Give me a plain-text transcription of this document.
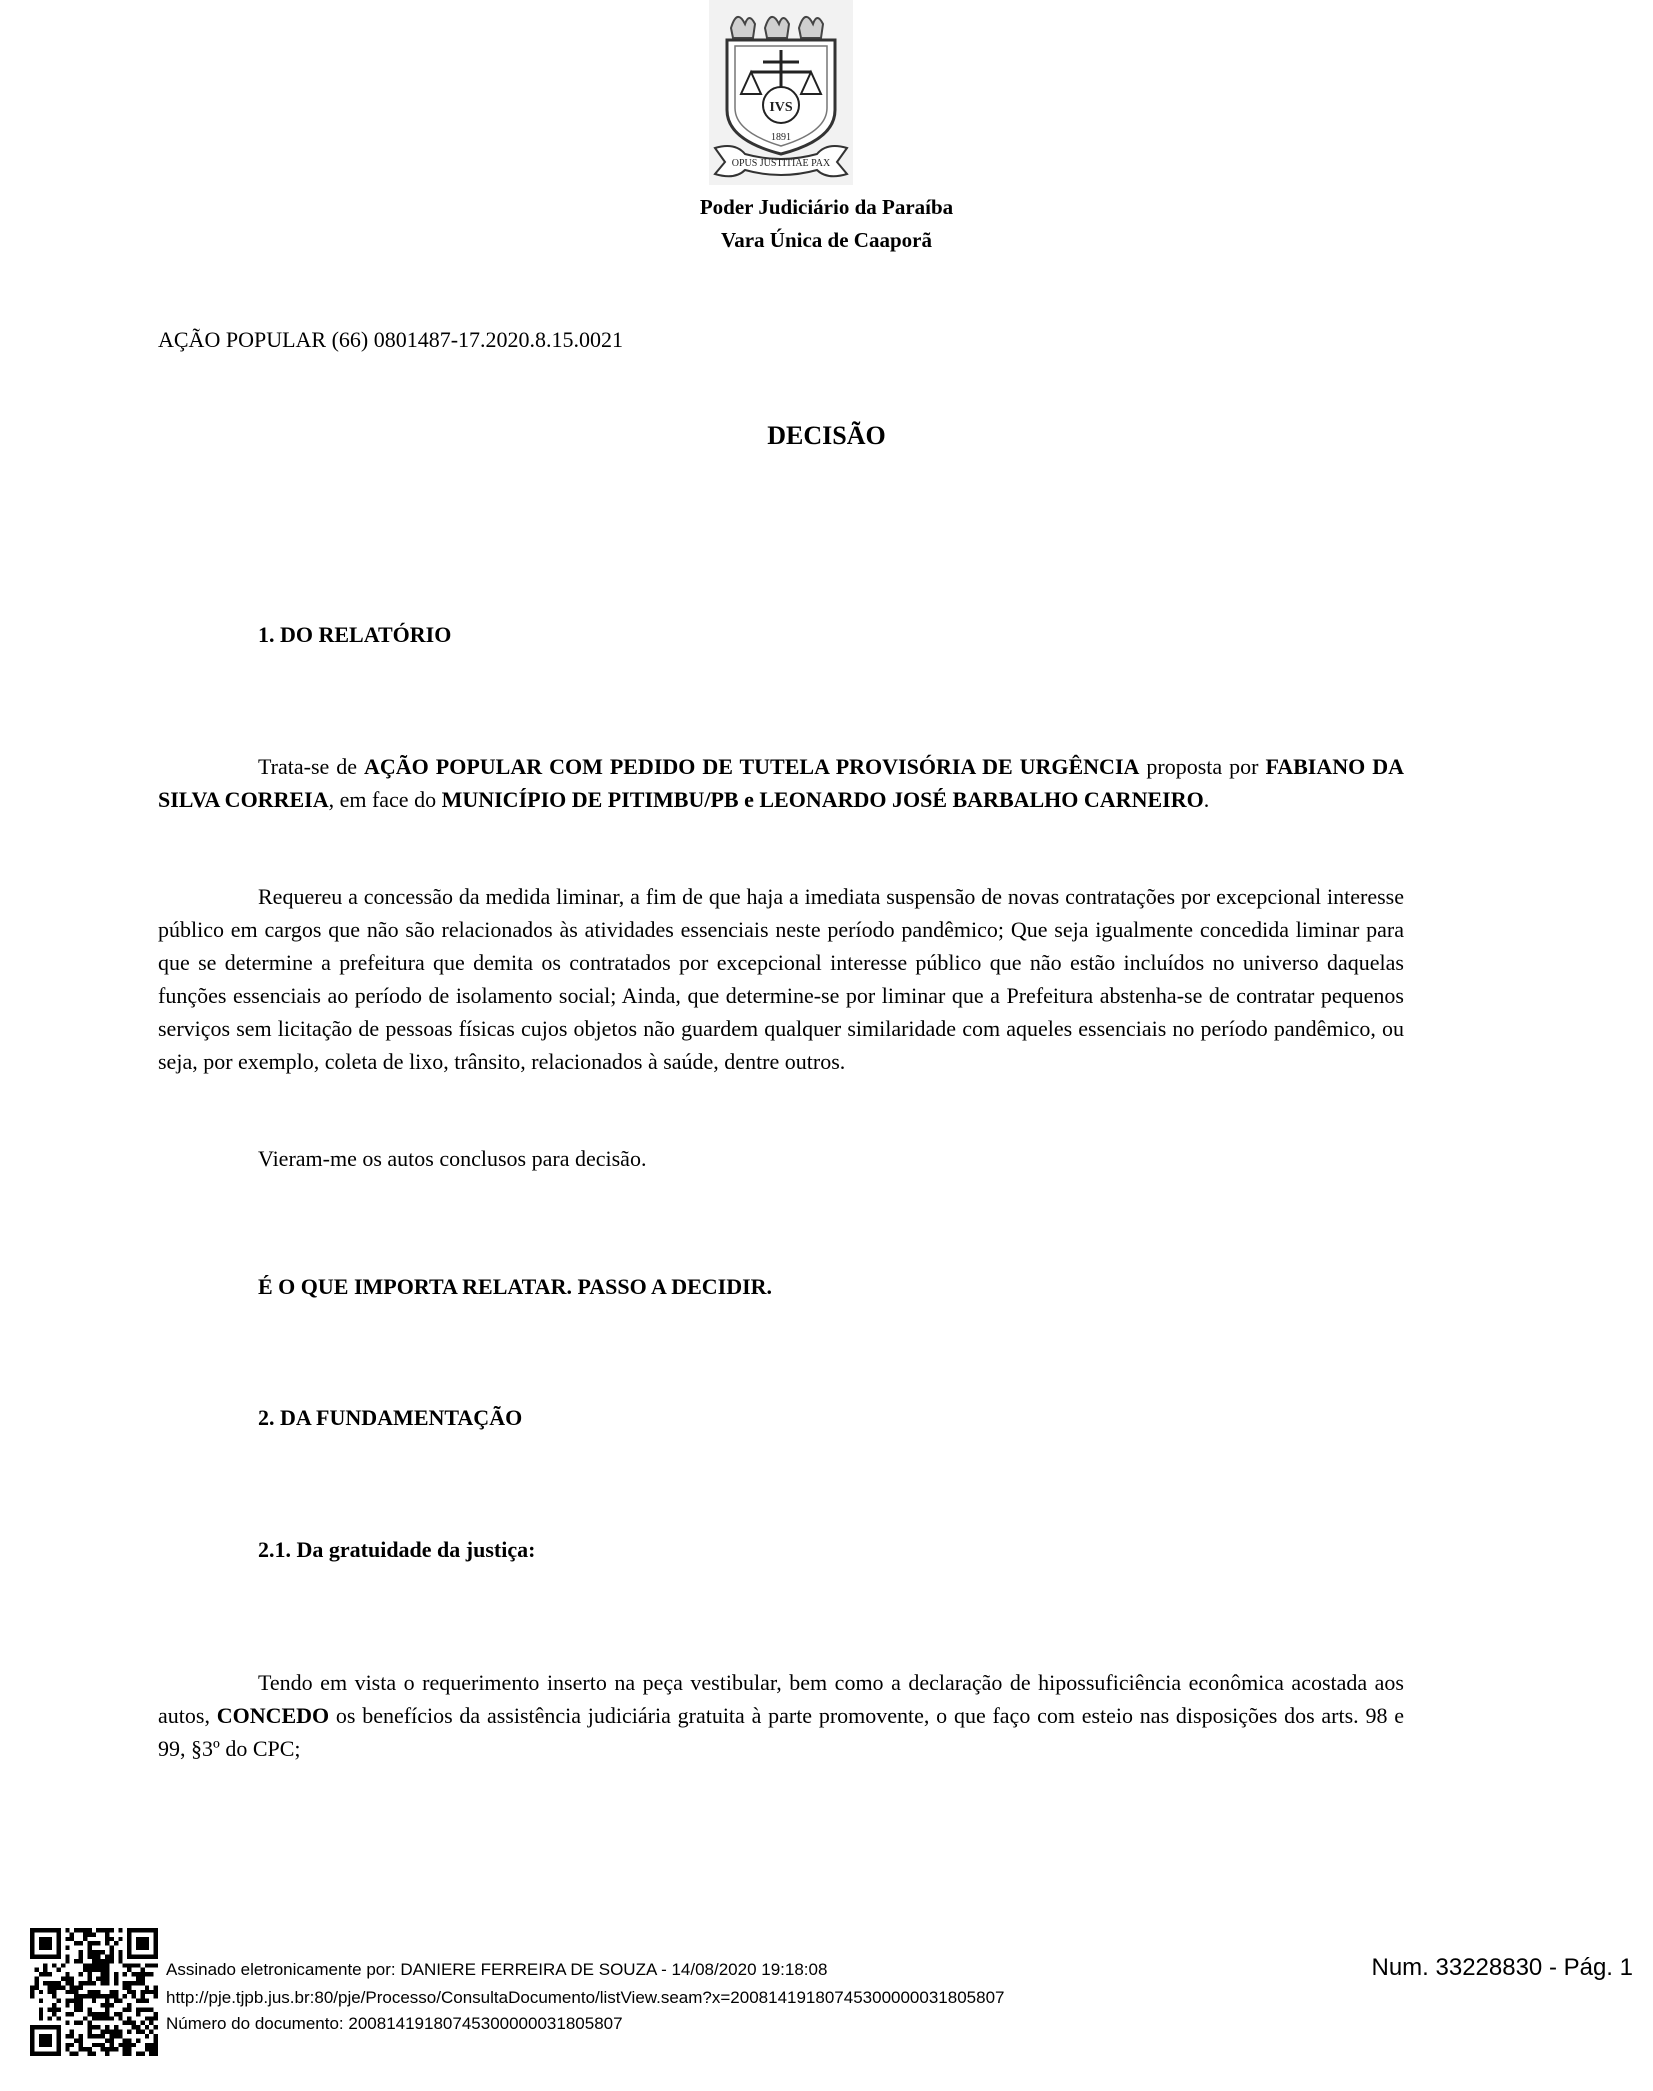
IVS
1891
OPUS JUSTITIAE PAX
Poder Judiciário da Paraíba
Vara Única de Caaporã
AÇÃO POPULAR (66) 0801487-17.2020.8.15.0021
DECISÃO
1. DO RELATÓRIO
Trata-se de AÇÃO POPULAR COM PEDIDO DE TUTELA PROVISÓRIA DE URGÊNCIA proposta por FABIANO DA SILVA CORREIA, em face do MUNICÍPIO DE PITIMBU/PB e LEONARDO JOSÉ BARBALHO CARNEIRO.
Requereu a concessão da medida liminar, a fim de que haja a imediata suspensão de novas contratações por excepcional interesse público em cargos que não são relacionados às atividades essenciais neste período pandêmico; Que seja igualmente concedida liminar para que se determine a prefeitura que demita os contratados por excepcional interesse público que não estão incluídos no universo daquelas funções essenciais ao período de isolamento social; Ainda, que determine-se por liminar que a Prefeitura abstenha-se de contratar pequenos serviços sem licitação de pessoas físicas cujos objetos não guardem qualquer similaridade com aqueles essenciais no período pandêmico, ou seja, por exemplo, coleta de lixo, trânsito, relacionados à saúde, dentre outros.
Vieram-me os autos conclusos para decisão.
É O QUE IMPORTA RELATAR. PASSO A DECIDIR.
2. DA FUNDAMENTAÇÃO
2.1. Da gratuidade da justiça:
Tendo em vista o requerimento inserto na peça vestibular, bem como a declaração de hipossuficiência econômica acostada aos autos, CONCEDO os benefícios da assistência judiciária gratuita à parte promovente, o que faço com esteio nas disposições dos arts. 98 e 99, §3º do CPC;
Assinado eletronicamente por: DANIERE FERREIRA DE SOUZA - 14/08/2020 19:18:08
http://pje.tjpb.jus.br:80/pje/Processo/ConsultaDocumento/listView.seam?x=20081419180745300000031805807
Número do documento: 20081419180745300000031805807
Num. 33228830 - Pág. 1
